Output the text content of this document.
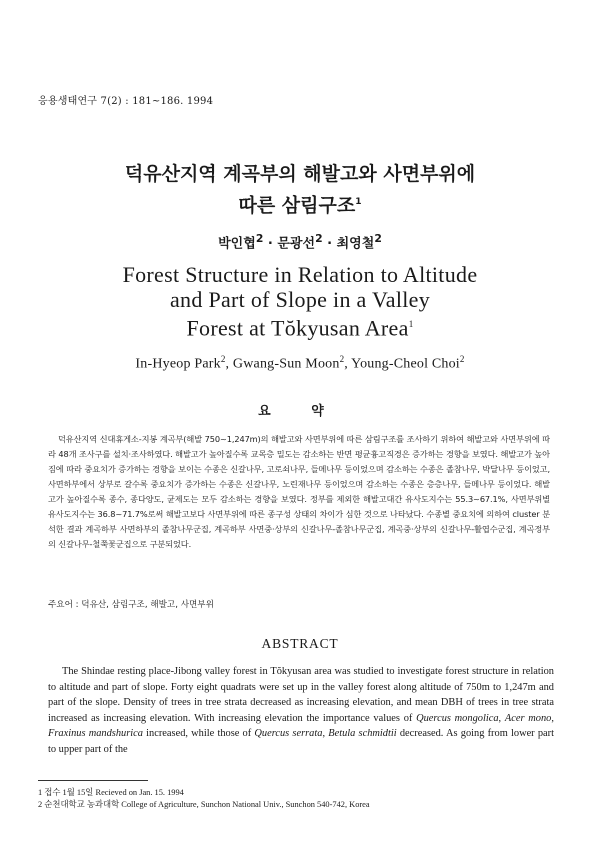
응용생태연구 7(2) : 181~186. 1994
덕유산지역 계곡부의 해발고와 사면부위에
따른 삼림구조$^1$
박인협$^2$ · 문광선$^2$ · 최영철$^2$
Forest Structure in Relation to Altitude
and Part of Slope in a Valley
Forest at Tŏkyusan Area$^1$
In-Hyeop Park$^2$, Gwang-Sun Moon$^2$, Young-Cheol Choi$^2$
요 약

덕유산지역 신대휴게소-지봉 계곡부(해발 750~1,247m)의 해발고와 사면부위에 따른 삼림구조를 조사하기 위하여 해발고와 사면부위에 따라 48개 조사구를 설치·조사하였다. 해발고가 높아질수록 교목층 밀도는 감소하는 반면 평균흉고직경은 증가하는 경향을 보였다. 해발고가 높아짐에 따라 중요치가 증가하는 경향을 보이는 수종은 신갈나무, 고로쇠나무, 들메나무 등이었으며 감소하는 수종은 졸참나무, 박달나무 등이었고, 사면하부에서 상부로 갈수록 중요치가 증가하는 수종은 신갈나무, 노린재나무 등이었으며 감소하는 수종은 층층나무, 들메나무 등이었다. 해발고가 높아질수록 종수, 종다양도, 균제도는 모두 감소하는 경향을 보였다. 정부를 제외한 해발고대간 유사도지수는 55.3~67.1%, 사면부위별 유사도지수는 36.8~71.7%로써 해발고보다 사면부위에 따른 종구성 상태의 차이가 심한 것으로 나타났다. 수종별 중요치에 의하여 cluster 분석한 결과 계곡하부 사면하부의 졸참나무군집, 계곡하부 사면중·상부의 신갈나무-졸참나무군집, 계곡중·상부의 신갈나무-활엽수군집, 계곡정부의 신갈나무-철쭉꽃군집으로 구분되었다.

주요어 : 덕유산, 삼림구조, 해발고, 사면부위
ABSTRACT

The Shindae resting place-Jibong valley forest in Tŏkyusan area was studied to investigate forest structure in relation to altitude and part of slope. Forty eight quadrats were set up in the valley forest along altitude of 750m to 1,247m and part of the slope. Density of trees in tree strata decreased as increasing elevation, and mean DBH of trees in tree strata increased as increasing elevation. With increasing elevation the importance values of Quercus mongolica, Acer mono, Fraxinus mandshurica increased, while those of Quercus serrata, Betula schmidtii decreased. As going from lower part to upper part of the

1 접수 1월 15일 Recieved on Jan. 15. 1994
2 순천대학교 농과대학 College of Agriculture, Sunchon National Univ., Sunchon 540-742, Korea
